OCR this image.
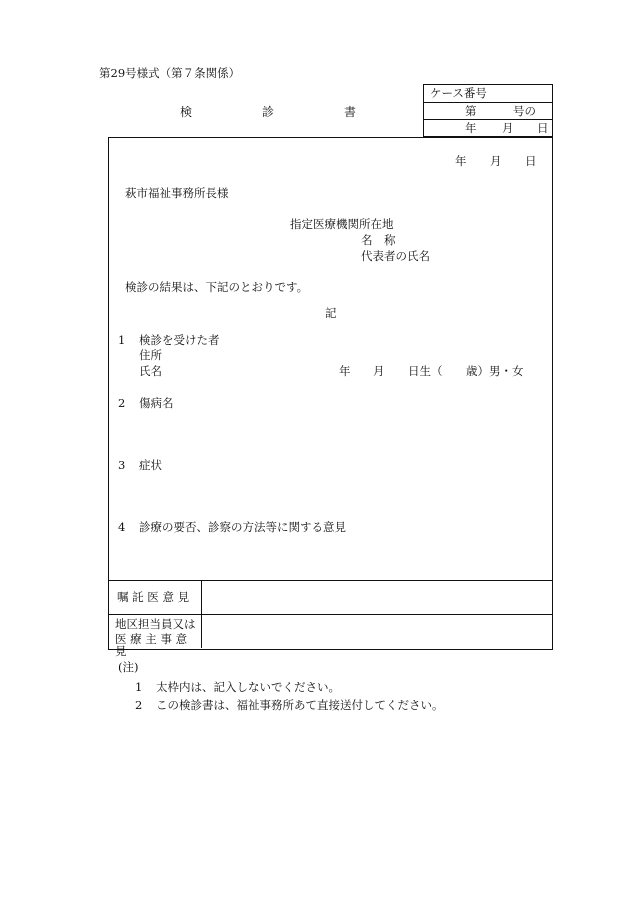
第29号様式（第７条関係）
検	診	書
ケース番号
第	号の
年 月 日
年 月 日
萩市福祉事務所長様
指定医療機関所在地
名　称
代表者の氏名
検診の結果は、下記のとおりです。
記
1 検診を受けた者
住所
氏名	年 月 日生（ 歳）男・女
2 傷病名
3 症状
4 診療の要否、診察の方法等に関する意見
嘱 託 医 意 見
地区担当員又は
医 療 主 事 意 見
(注)
1 太枠内は、記入しないでください。
2 この検診書は、福祉事務所あて直接送付してください。
